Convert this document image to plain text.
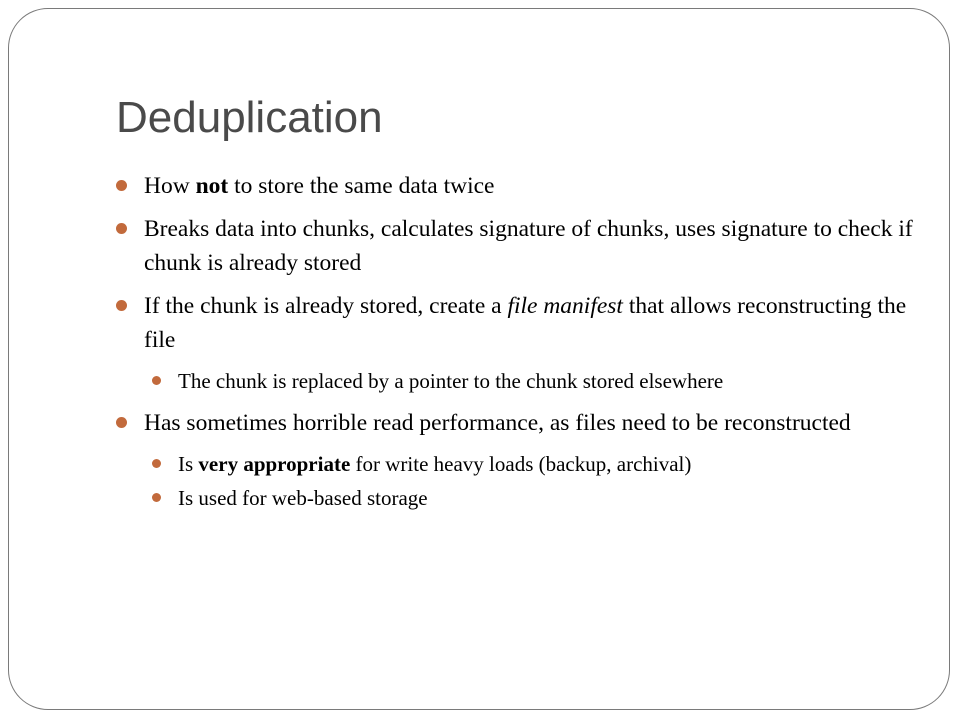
Deduplication
How not to store the same data twice
Breaks data into chunks, calculates signature of chunks, uses signature to check if chunk is already stored
If the chunk is already stored, create a file manifest that allows reconstructing the file
The chunk is replaced by a pointer to the chunk stored elsewhere
Has sometimes horrible read performance, as files need to be reconstructed
Is very appropriate for write heavy loads (backup, archival)
Is used for web-based storage
